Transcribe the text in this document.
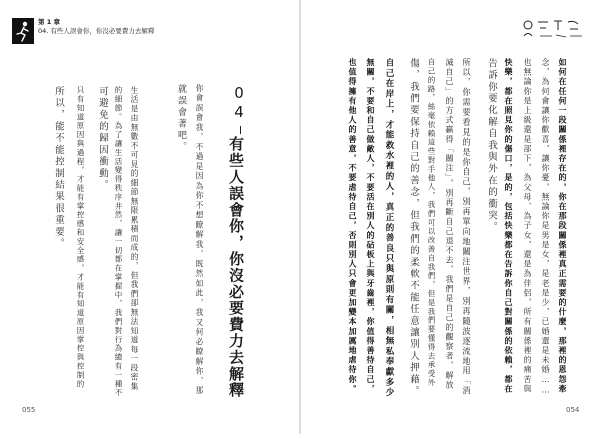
第 1 章
04. 有些人誤會你，你沒必要費力去解釋
04
有些人誤會你，你沒必要費力去解釋
你會誤會我，不過是因為你不想瞭解我，既然如此，我又何必瞭解你，那
就誤會著吧。
生活是由無數不可見的細節無限累積而成的，但我們卻無法知道每一段密集
的細節。為了讓生活變得秩序井然，讓一切都在掌握中，我們對行為總有一種不
可避免的歸因衝動。
只有知道原因與過程，才能有掌控感和安全感，才能有知道原因掌控與控制的
所以，能不能控制結果很重要。
055
如何在任何一段關係裡存在的，你在那段關係裡真正需要的什麼，那裡的恩怨牽
念，為何會讓你歡喜，讓你憂，無論你是男是女，是老是少，已婚還是未婚……
也無論你是上級還是部下，為父母、為子女，還是為伴侶，所有關係裡的痛苦與
快樂，都在照見你的傷口，是的，包括快樂都在告訴你自己對關係的依賴，都在
告訴你要化解自我與外在的衝突。
所以，你需要看見的是你自己，別再單向地關注世界，別再隨波逐流地用「消
滅自己」的方式贏得「關注」，別再斷自己退不去，我們是自己的觀察者，解放
自己的路，絲毫依賴這些對手他人，我們可以改善自我們，但是我們要懂得去承受外
傷，我們要保持自己的善念，但我們的柔軟不能任意讓別人押藉。
自己在岸上，才能救水裡的人，真正的善良只與原則有關，相無私奉獻多少
無關，不要和自己做敵人，不要活在別人的砧板上與牙齒裡，你值得善待自己，
也值得擁有他人的善意，不要虐待自己，否則別人只會更加變本加厲地虐待你。
054
